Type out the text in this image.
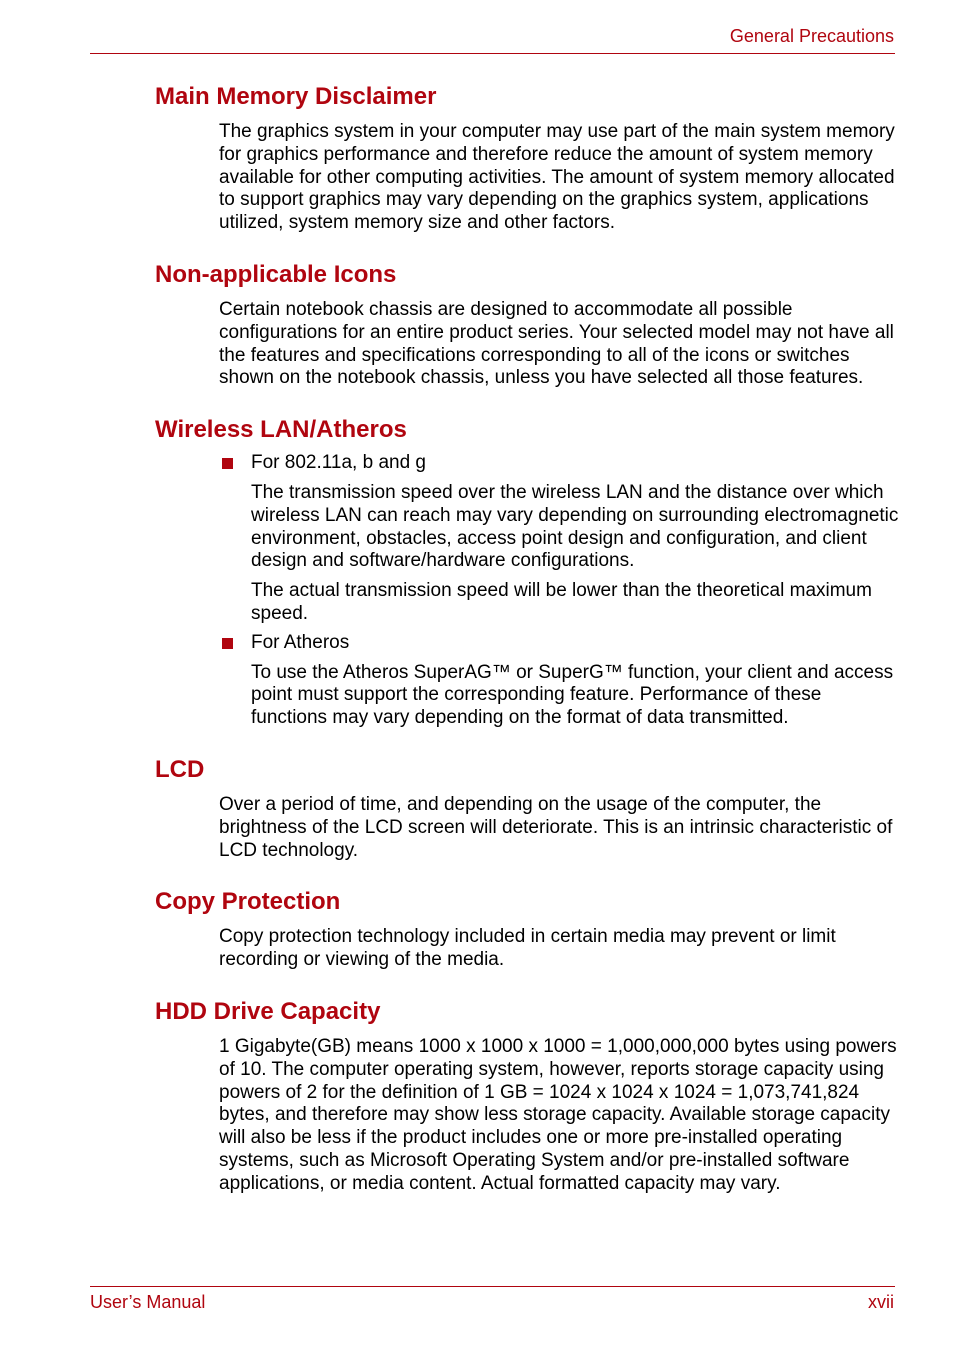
General Precautions
Main Memory Disclaimer

The graphics system in your computer may use part of the main system memory for graphics performance and therefore reduce the amount of system memory available for other computing activities. The amount of system memory allocated to support graphics may vary depending on the graphics system, applications utilized, system memory size and other factors.

Non-applicable Icons

Certain notebook chassis are designed to accommodate all possible configurations for an entire product series. Your selected model may not have all the features and specifications corresponding to all of the icons or switches shown on the notebook chassis, unless you have selected all those features.

Wireless LAN/Atheros
For 802.11a, b and g
The transmission speed over the wireless LAN and the distance over which wireless LAN can reach may vary depending on surrounding electromagnetic environment, obstacles, access point design and configuration, and client design and software/hardware configurations.
The actual transmission speed will be lower than the theoretical maximum speed.
For Atheros
To use the Atheros SuperAG™ or SuperG™ function, your client and access point must support the corresponding feature. Performance of these functions may vary depending on the format of data transmitted.
LCD

Over a period of time, and depending on the usage of the computer, the brightness of the LCD screen will deteriorate. This is an intrinsic characteristic of LCD technology.

Copy Protection

Copy protection technology included in certain media may prevent or limit recording or viewing of the media.

HDD Drive Capacity

1 Gigabyte(GB) means 1000 x 1000 x 1000 = 1,000,000,000 bytes using powers of 10. The computer operating system, however, reports storage capacity using powers of 2 for the definition of 1 GB = 1024 x 1024 x 1024 = 1,073,741,824 bytes, and therefore may show less storage capacity. Available storage capacity will also be less if the product includes one or more pre-installed operating systems, such as Microsoft Operating System and/or pre-installed software applications, or media content. Actual formatted capacity may vary.

User’s Manual	xvii
